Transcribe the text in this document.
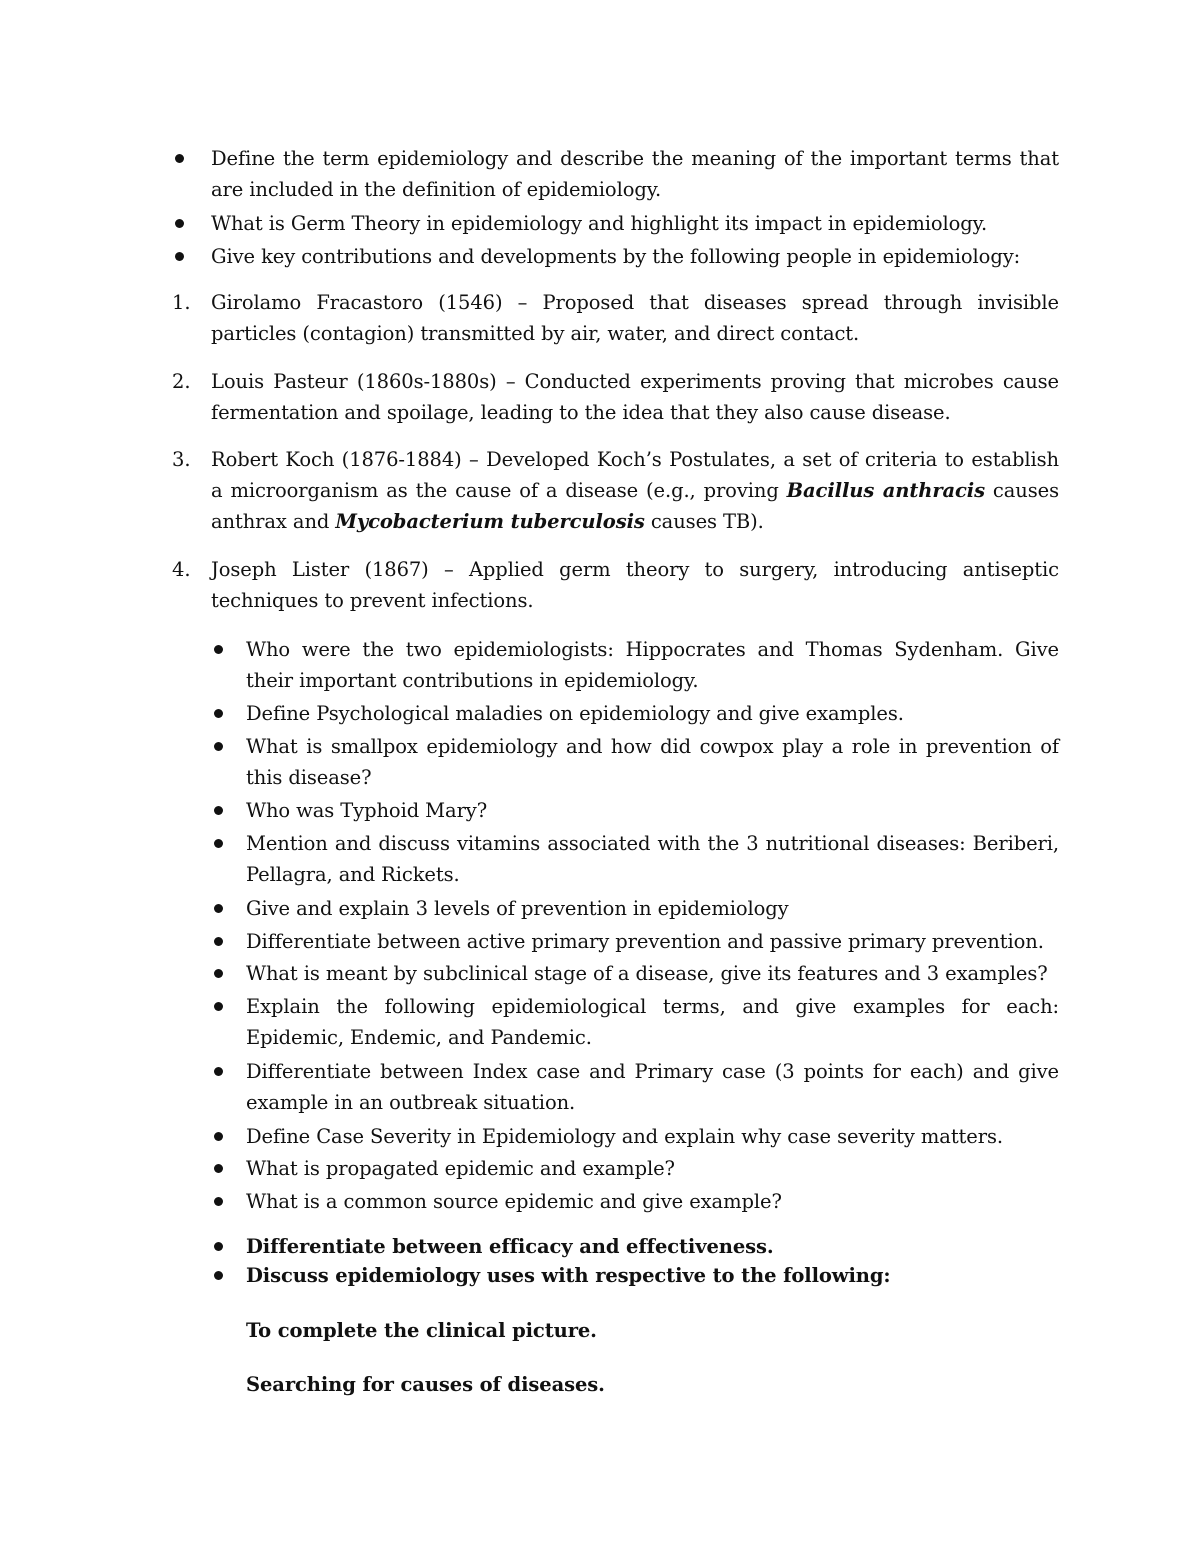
Define the term epidemiology and describe the meaning of the important terms that are included in the definition of epidemiology.

What is Germ Theory in epidemiology and highlight its impact in epidemiology.

Give key contributions and developments by the following people in epidemiology:

1. Girolamo Fracastoro (1546) – Proposed that diseases spread through invisible particles (contagion) transmitted by air, water, and direct contact.

2. Louis Pasteur (1860s-1880s) – Conducted experiments proving that microbes cause fermentation and spoilage, leading to the idea that they also cause disease.

3. Robert Koch (1876-1884) – Developed Koch’s Postulates, a set of criteria to establish a microorganism as the cause of a disease (e.g., proving Bacillus anthracis causes anthrax and Mycobacterium tuberculosis causes TB).

4. Joseph Lister (1867) – Applied germ theory to surgery, introducing antiseptic techniques to prevent infections.

Who were the two epidemiologists: Hippocrates and Thomas Sydenham. Give their important contributions in epidemiology.

Define Psychological maladies on epidemiology and give examples.

What is smallpox epidemiology and how did cowpox play a role in prevention of this disease?

Who was Typhoid Mary?

Mention and discuss vitamins associated with the 3 nutritional diseases: Beriberi, Pellagra, and Rickets.

Give and explain 3 levels of prevention in epidemiology

Differentiate between active primary prevention and passive primary prevention.

What is meant by subclinical stage of a disease, give its features and 3 examples?

Explain the following epidemiological terms, and give examples for each: Epidemic, Endemic, and Pandemic.

Differentiate between Index case and Primary case (3 points for each) and give example in an outbreak situation.

Define Case Severity in Epidemiology and explain why case severity matters.

What is propagated epidemic and example?

What is a common source epidemic and give example?

Differentiate between efficacy and effectiveness.

Discuss epidemiology uses with respective to the following:

To complete the clinical picture.

Searching for causes of diseases.
